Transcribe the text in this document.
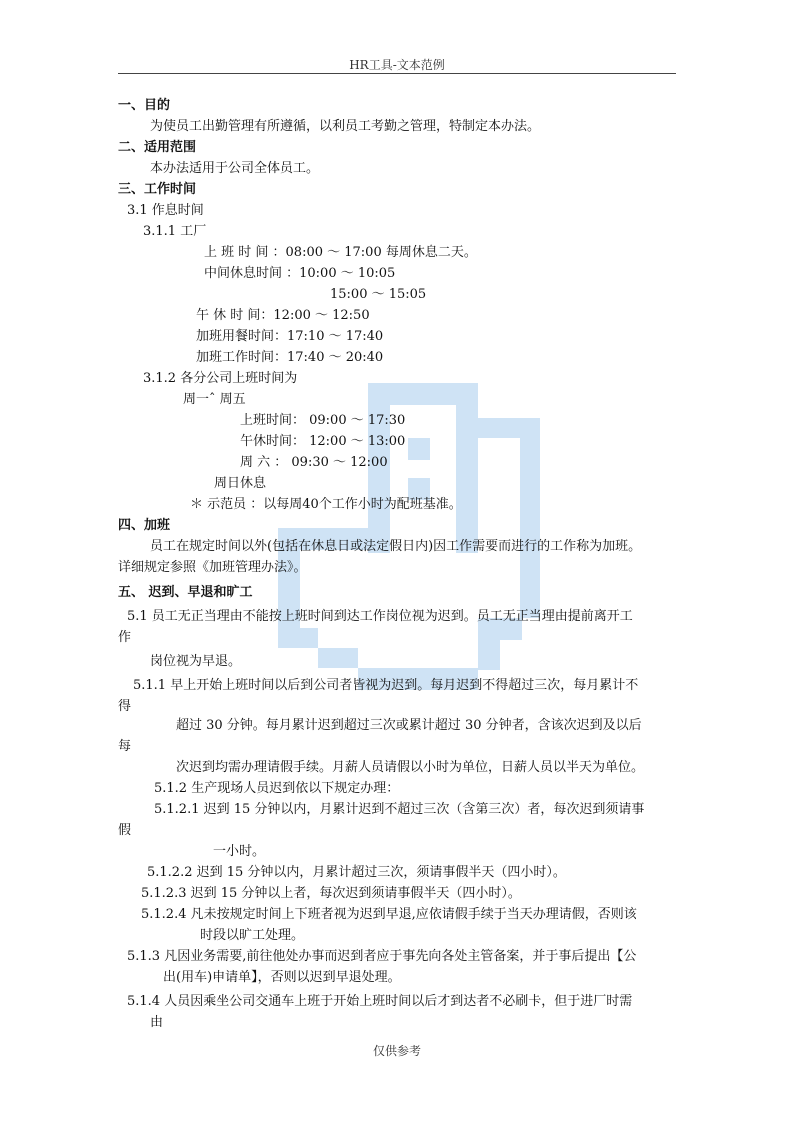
HR工具-文本范例
一、目的
为使员工出勤管理有所遵循，以利员工考勤之管理，特制定本办法。
二、适用范围
本办法适用于公司全体员工。
三、工作时间
3.1 作息时间
3.1.1 工厂
上 班 时 间 ：08:00 ～ 17:00 每周休息二天。
中间休息时间 ：10:00 ～ 10:05
15:00 ～ 15:05
午 休 时 间：12:00 ～ 12:50
加班用餐时间：17:10 ～ 17:40
加班工作时间：17:40 ～ 20:40
3.1.2 各分公司上班时间为
周一ˆ 周五
上班时间： 09:00 ～ 17:30
午休时间： 12:00 ～ 13:00
周 六 ： 09:30 ～ 12:00
周日休息
＊ 示范员 ：以每周40个工作小时为配班基准。
四、加班
员工在规定时间以外(包括在休息日或法定假日内)因工作需要而进行的工作称为加班。
详细规定参照《加班管理办法》。
五、 迟到、早退和旷工
5.1 员工无正当理由不能按上班时间到达工作岗位视为迟到。员工无正当理由提前离开工
作
岗位视为早退。
5.1.1 早上开始上班时间以后到公司者皆视为迟到。每月迟到不得超过三次，每月累计不
得
超过 30 分钟。每月累计迟到超过三次或累计超过 30 分钟者，含该次迟到及以后
每
次迟到均需办理请假手续。月薪人员请假以小时为单位，日薪人员以半天为单位。
5.1.2 生产现场人员迟到依以下规定办理：
5.1.2.1 迟到 15 分钟以内，月累计迟到不超过三次（含第三次）者，每次迟到须请事
假
一小时。
5.1.2.2 迟到 15 分钟以内，月累计超过三次，须请事假半天（四小时）。
5.1.2.3 迟到 15 分钟以上者，每次迟到须请事假半天（四小时）。
5.1.2.4 凡未按规定时间上下班者视为迟到早退,应依请假手续于当天办理请假，否则该
时段以旷工处理。
5.1.3 凡因业务需要,前往他处办事而迟到者应于事先向各处主管备案，并于事后提出【公
出(用车)申请单】，否则以迟到早退处理。
5.1.4 人员因乘坐公司交通车上班于开始上班时间以后才到达者不必刷卡，但于进厂时需
由
仅供参考
